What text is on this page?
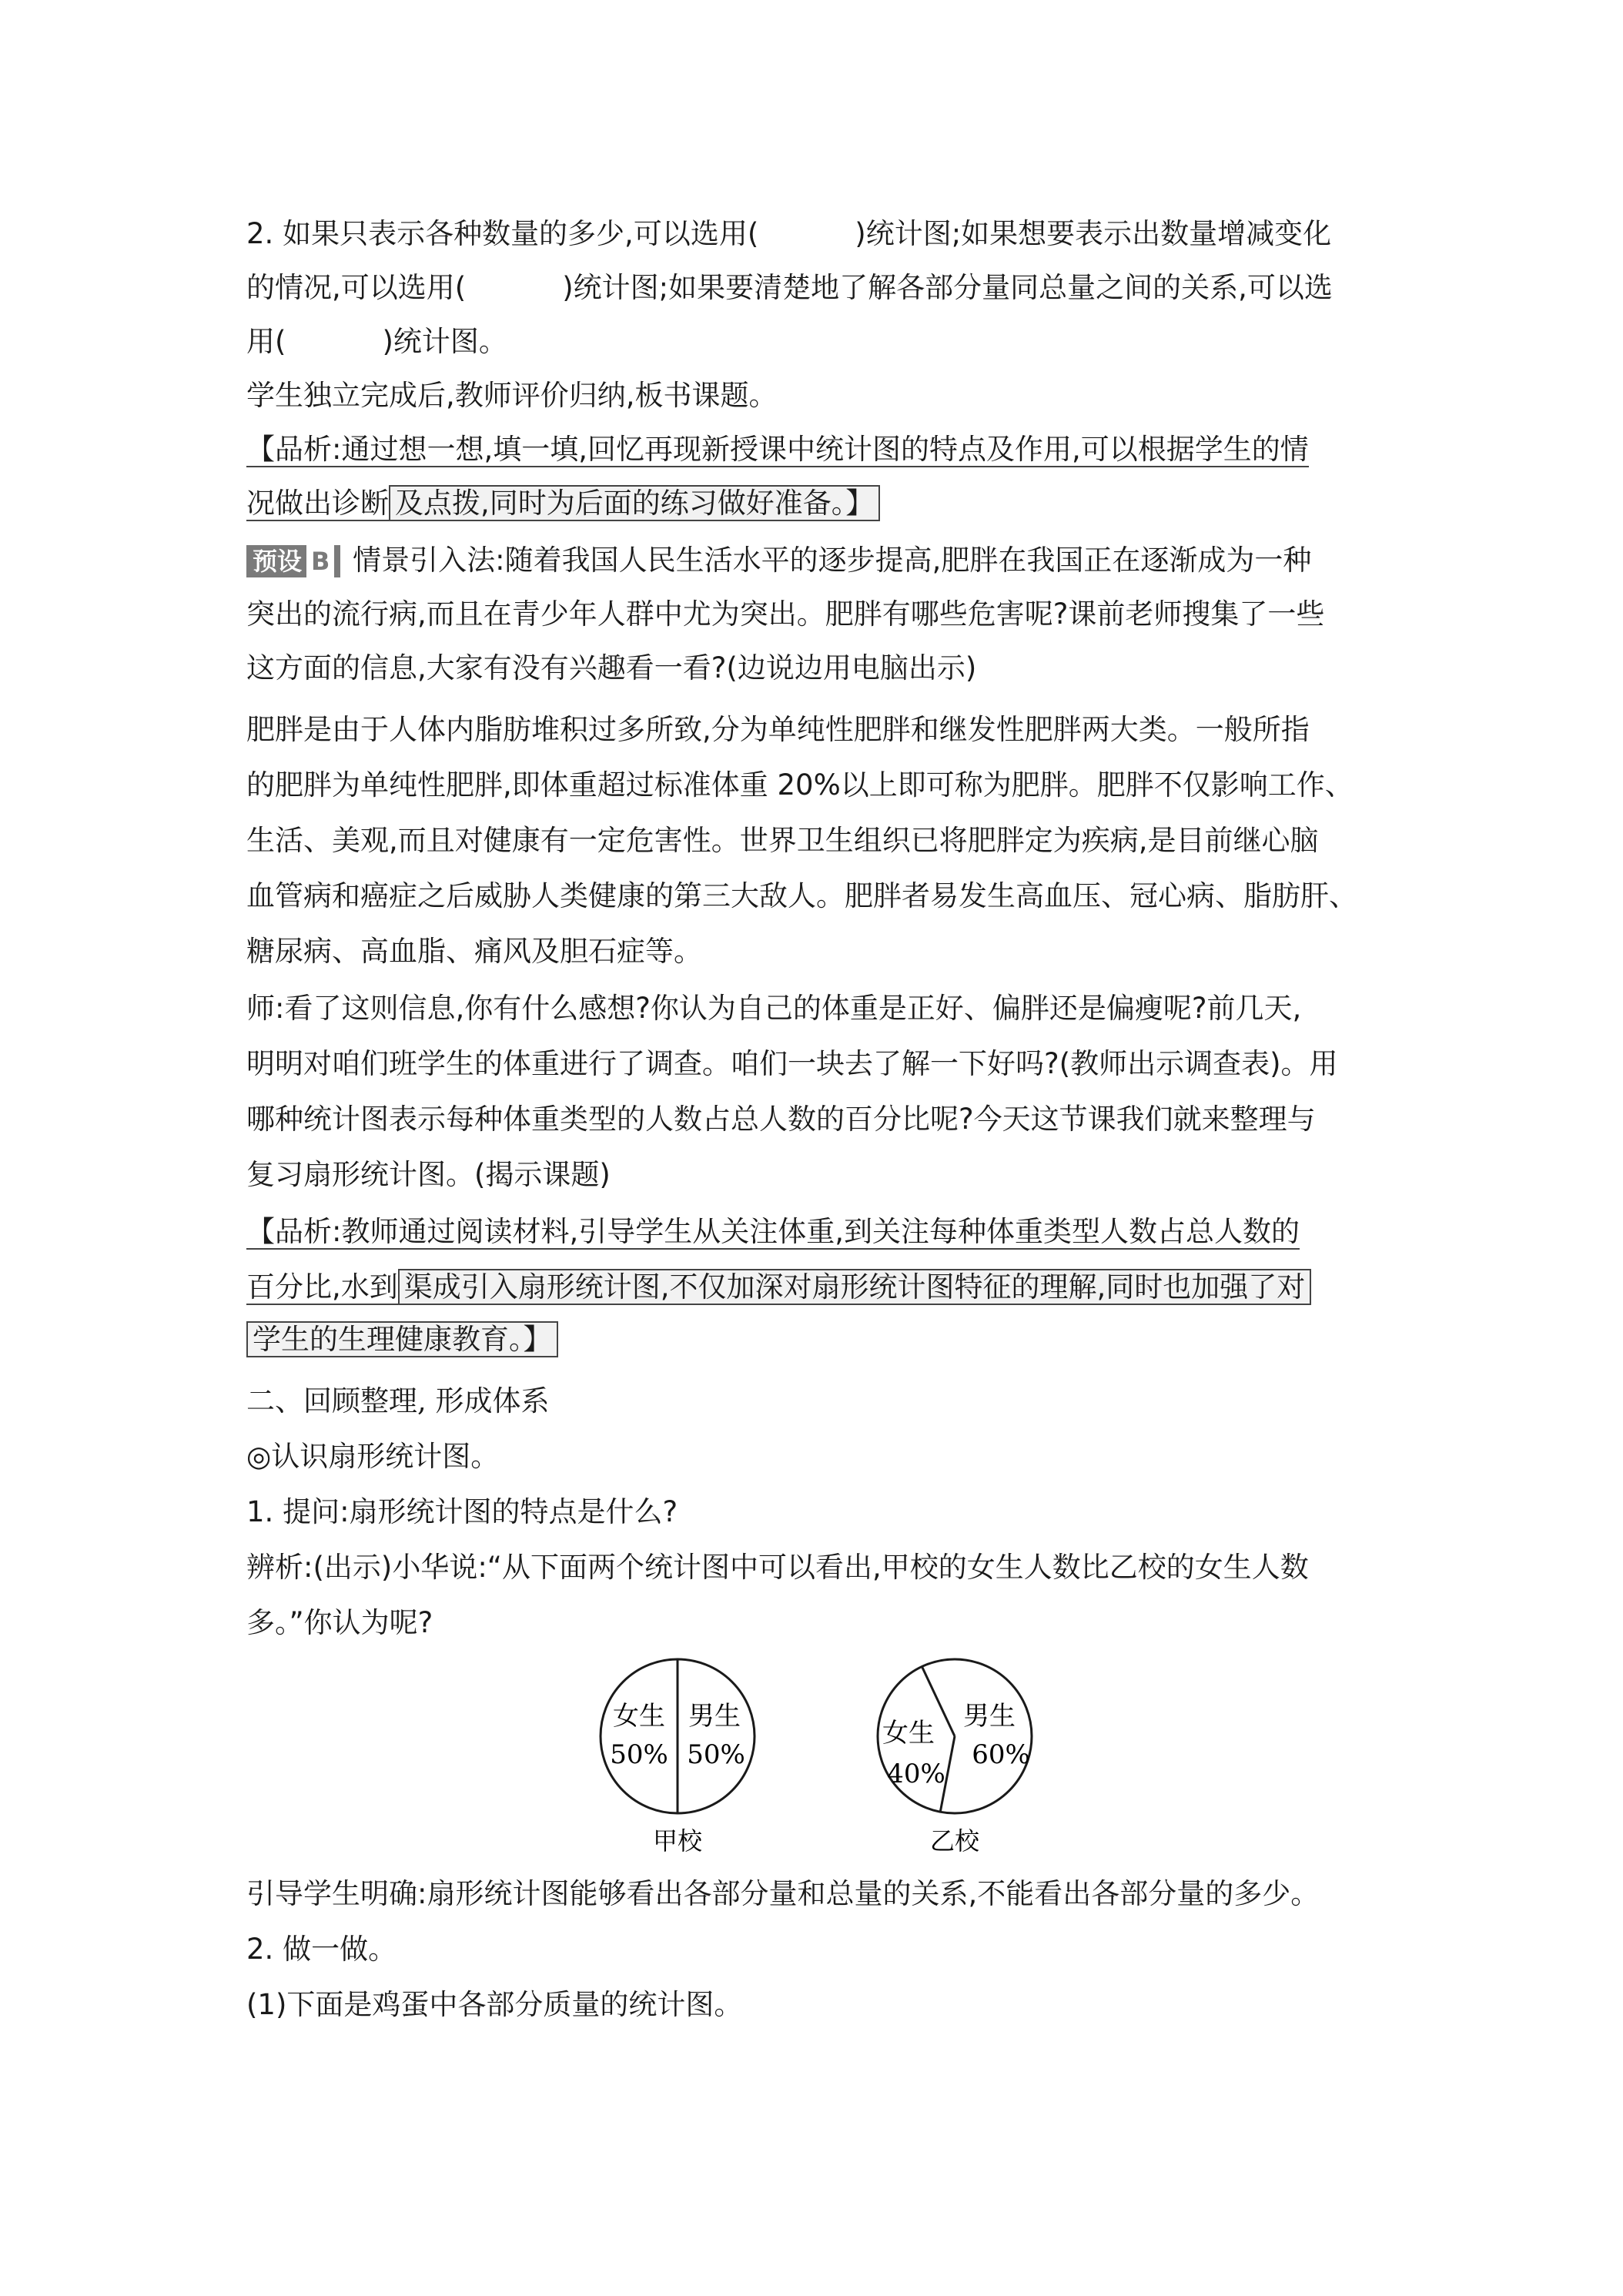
2. 如果只表示各种数量的多少,可以选用(	)统计图;如果想要表示出数量增减变化
的情况,可以选用(	)统计图;如果要清楚地了解各部分量同总量之间的关系,可以选
用(	)统计图。
学生独立完成后,教师评价归纳,板书课题。
【品析:通过想一想,填一填,回忆再现新授课中统计图的特点及作用,可以根据学生的情
况做出诊断 及点拨,同时为后面的练习做好准备。】
预设 B 情景引入法:随着我国人民生活水平的逐步提高,肥胖在我国正在逐渐成为一种
突出的流行病,而且在青少年人群中尤为突出。肥胖有哪些危害呢?课前老师搜集了一些
这方面的信息,大家有没有兴趣看一看?(边说边用电脑出示)
肥胖是由于人体内脂肪堆积过多所致,分为单纯性肥胖和继发性肥胖两大类。一般所指
的肥胖为单纯性肥胖,即体重超过标准体重 20%以上即可称为肥胖。肥胖不仅影响工作、
生活、美观,而且对健康有一定危害性。世界卫生组织已将肥胖定为疾病,是目前继心脑
血管病和癌症之后威胁人类健康的第三大敌人。肥胖者易发生高血压、冠心病、脂肪肝、
糖尿病、高血脂、痛风及胆石症等。
师:看了这则信息,你有什么感想?你认为自己的体重是正好、偏胖还是偏瘦呢?前几天,
明明对咱们班学生的体重进行了调查。咱们一块去了解一下好吗?(教师出示调查表)。用
哪种统计图表示每种体重类型的人数占总人数的百分比呢?今天这节课我们就来整理与
复习扇形统计图。(揭示课题)
【品析:教师通过阅读材料,引导学生从关注体重,到关注每种体重类型人数占总人数的
百分比,水到 渠成引入扇形统计图,不仅加深对扇形统计图特征的理解,同时也加强了对
学生的生理健康教育。】
二、回顾整理, 形成体系
◎认识扇形统计图。
1. 提问:扇形统计图的特点是什么?
辨析:(出示)小华说:“从下面两个统计图中可以看出,甲校的女生人数比乙校的女生人数
多。”你认为呢?
女生
50%
男生
50%
甲校
女生
40%
男生
60%
乙校
引导学生明确:扇形统计图能够看出各部分量和总量的关系,不能看出各部分量的多少。
2. 做一做。
(1)下面是鸡蛋中各部分质量的统计图。
